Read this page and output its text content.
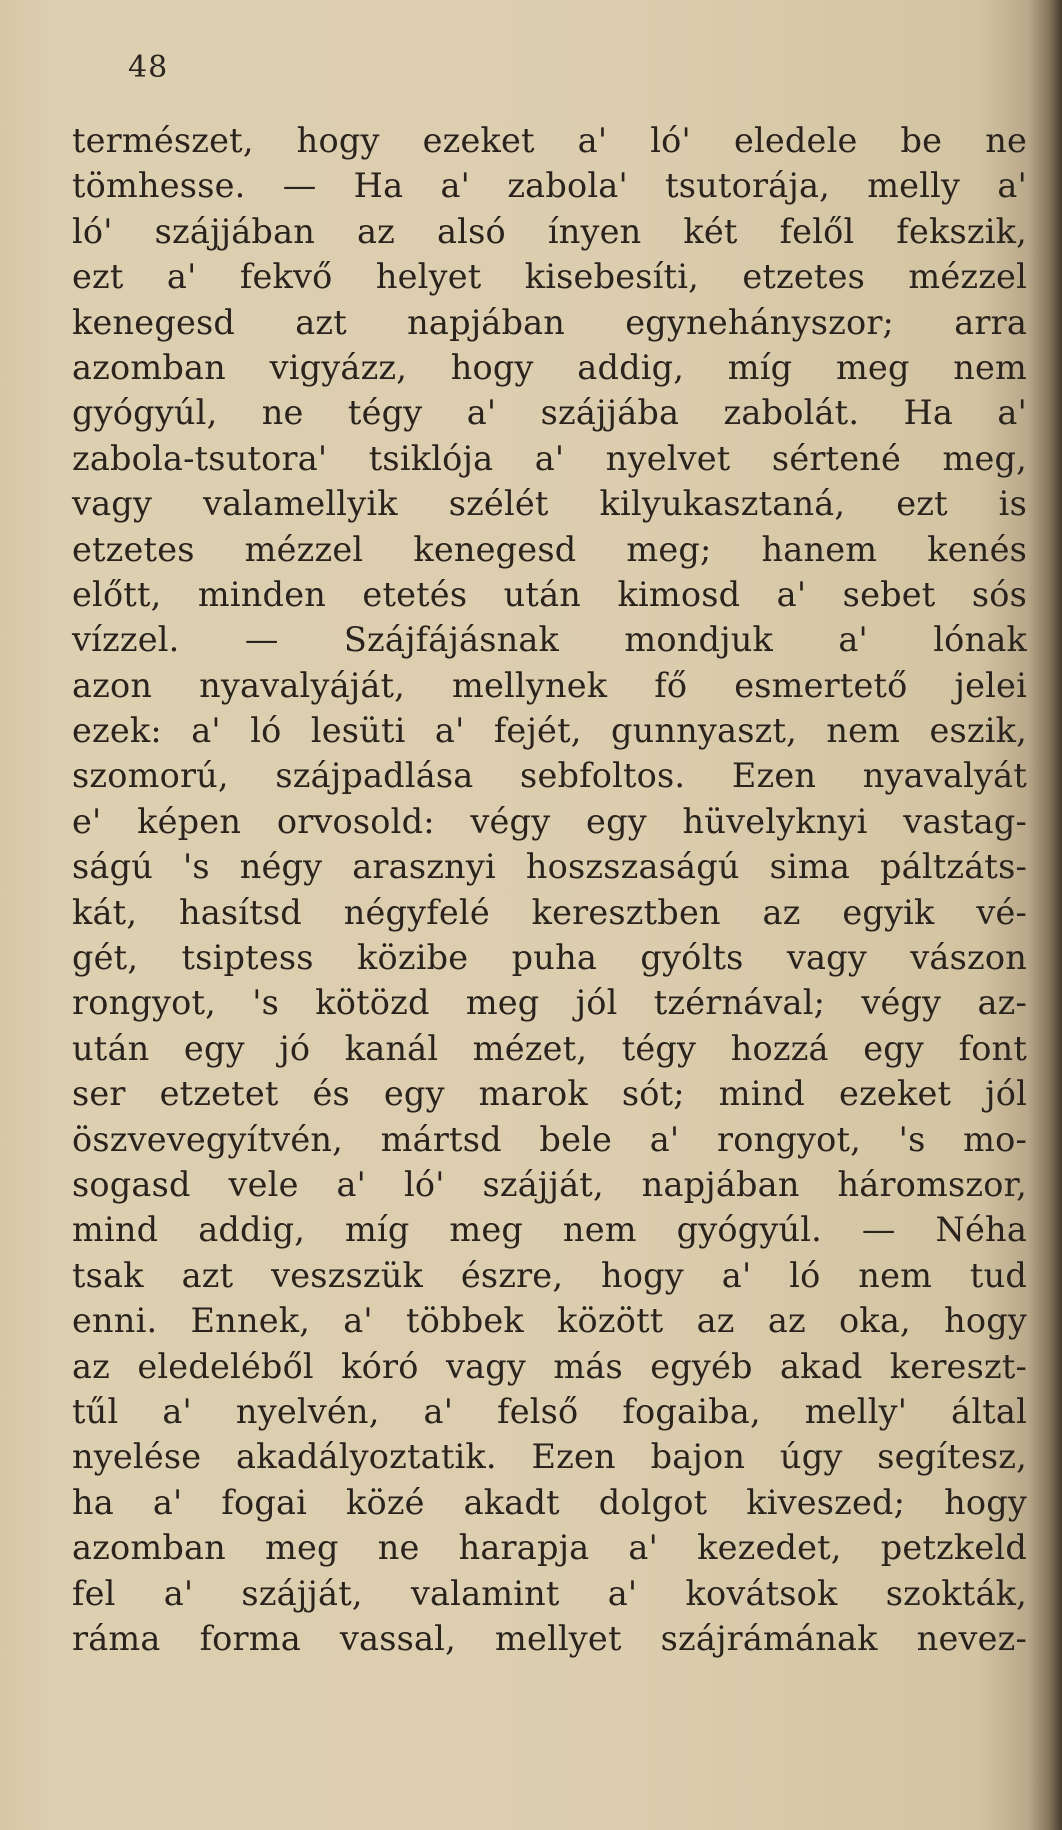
48
természet, hogy ezeket a' ló' eledele be ne
tömhesse. — Ha a' zabola' tsutorája, melly a'
ló' szájjában az alsó ínyen két felől fekszik,
ezt a' fekvő helyet kisebesíti, etzetes mézzel
kenegesd azt napjában egynehányszor; arra
azomban vigyázz, hogy addig, míg meg nem
gyógyúl, ne tégy a' szájjába zabolát. Ha a'
zabola-tsutora' tsiklója a' nyelvet sértené meg,
vagy valamellyik szélét kilyukasztaná, ezt is
etzetes mézzel kenegesd meg; hanem kenés
előtt, minden etetés után kimosd a' sebet sós
vízzel. — Szájfájásnak mondjuk a' lónak
azon nyavalyáját, mellynek fő esmertető jelei
ezek: a' ló lesüti a' fejét, gunnyaszt, nem eszik,
szomorú, szájpadlása sebfoltos. Ezen nyavalyát
e' képen orvosold: végy egy hüvelyknyi vastag-
ságú 's négy arasznyi hoszszaságú sima páltzáts-
kát, hasítsd négyfelé keresztben az egyik vé-
gét, tsiptess közibe puha gyólts vagy vászon
rongyot, 's kötözd meg jól tzérnával; végy az-
után egy jó kanál mézet, tégy hozzá egy font
ser etzetet és egy marok sót; mind ezeket jól
öszvevegyítvén, mártsd bele a' rongyot, 's mo-
sogasd vele a' ló' szájját, napjában háromszor,
mind addig, míg meg nem gyógyúl. — Néha
tsak azt veszszük észre, hogy a' ló nem tud
enni. Ennek, a' többek között az az oka, hogy
az eledeléből kóró vagy más egyéb akad kereszt-
tűl a' nyelvén, a' felső fogaiba, melly' által
nyelése akadályoztatik. Ezen bajon úgy segítesz,
ha a' fogai közé akadt dolgot kiveszed; hogy
azomban meg ne harapja a' kezedet, petzkeld
fel a' szájját, valamint a' kovátsok szokták,
ráma forma vassal, mellyet szájrámának nevez-
